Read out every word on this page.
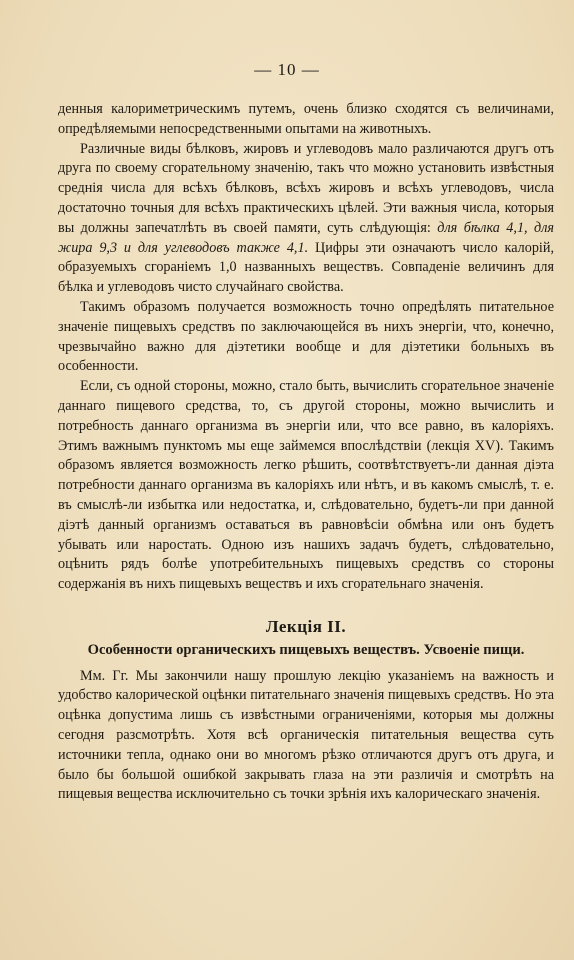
— 10 —

денныя калориметрическимъ путемъ, очень близко сходятся съ величинами, опредѣляемыми непосредственными опытами на животныхъ.

Различные виды бѣлковъ, жировъ и углеводовъ мало различаются другъ отъ друга по своему сгорательному значенію, такъ что можно установить извѣстныя среднія числа для всѣхъ бѣлковъ, всѣхъ жировъ и всѣхъ углеводовъ, числа достаточно точныя для всѣхъ практическихъ цѣлей. Эти важныя числа, которыя вы должны запечатлѣть въ своей памяти, суть слѣдующія: для бѣлка 4,1, для жира 9,3 и для углеводовъ также 4,1. Цифры эти означаютъ число калорій, образуемыхъ сгораніемъ 1,0 названныхъ веществъ. Совпаденіе величинъ для бѣлка и углеводовъ чисто случайнаго свойства.

Такимъ образомъ получается возможность точно опредѣлять питательное значеніе пищевыхъ средствъ по заключающейся въ нихъ энергіи, что, конечно, чрезвычайно важно для діэтетики вообще и для діэтетики больныхъ въ особенности.

Если, съ одной стороны, можно, стало быть, вычислить сгорательное значеніе даннаго пищевого средства, то, съ другой стороны, можно вычислить и потребность даннаго организма въ энергіи или, что все равно, въ калоріяхъ. Этимъ важнымъ пунктомъ мы еще займемся впослѣдствіи (лекція XV). Такимъ образомъ является возможность легко рѣшить, соотвѣтствуетъ-ли данная діэта потребности даннаго организма въ калоріяхъ или нѣтъ, и въ какомъ смыслѣ, т. е. въ смыслѣ-ли избытка или недостатка, и, слѣдовательно, будетъ-ли при данной діэтѣ данный организмъ оставаться въ равновѣсіи обмѣна или онъ будетъ убывать или наростать. Одною изъ нашихъ задачъ будетъ, слѣдовательно, оцѣнить рядъ болѣе употребительныхъ пищевыхъ средствъ со стороны содержанія въ нихъ пищевыхъ веществъ и ихъ сгорательнаго значенія.

Лекція II.
Особенности органическихъ пищевыхъ веществъ. Усвоеніе пищи.

Мм. Гг. Мы закончили нашу прошлую лекцію указаніемъ на важность и удобство калорической оцѣнки питательнаго значенія пищевыхъ средствъ. Но эта оцѣнка допустима лишь съ извѣстными ограниченіями, которыя мы должны сегодня разсмотрѣть. Хотя всѣ органическія питательныя вещества суть источники тепла, однако они во многомъ рѣзко отличаются другъ отъ друга, и было бы большой ошибкой закрывать глаза на эти различія и смотрѣть на пищевыя вещества исключительно съ точки зрѣнія ихъ калорическаго значенія.
